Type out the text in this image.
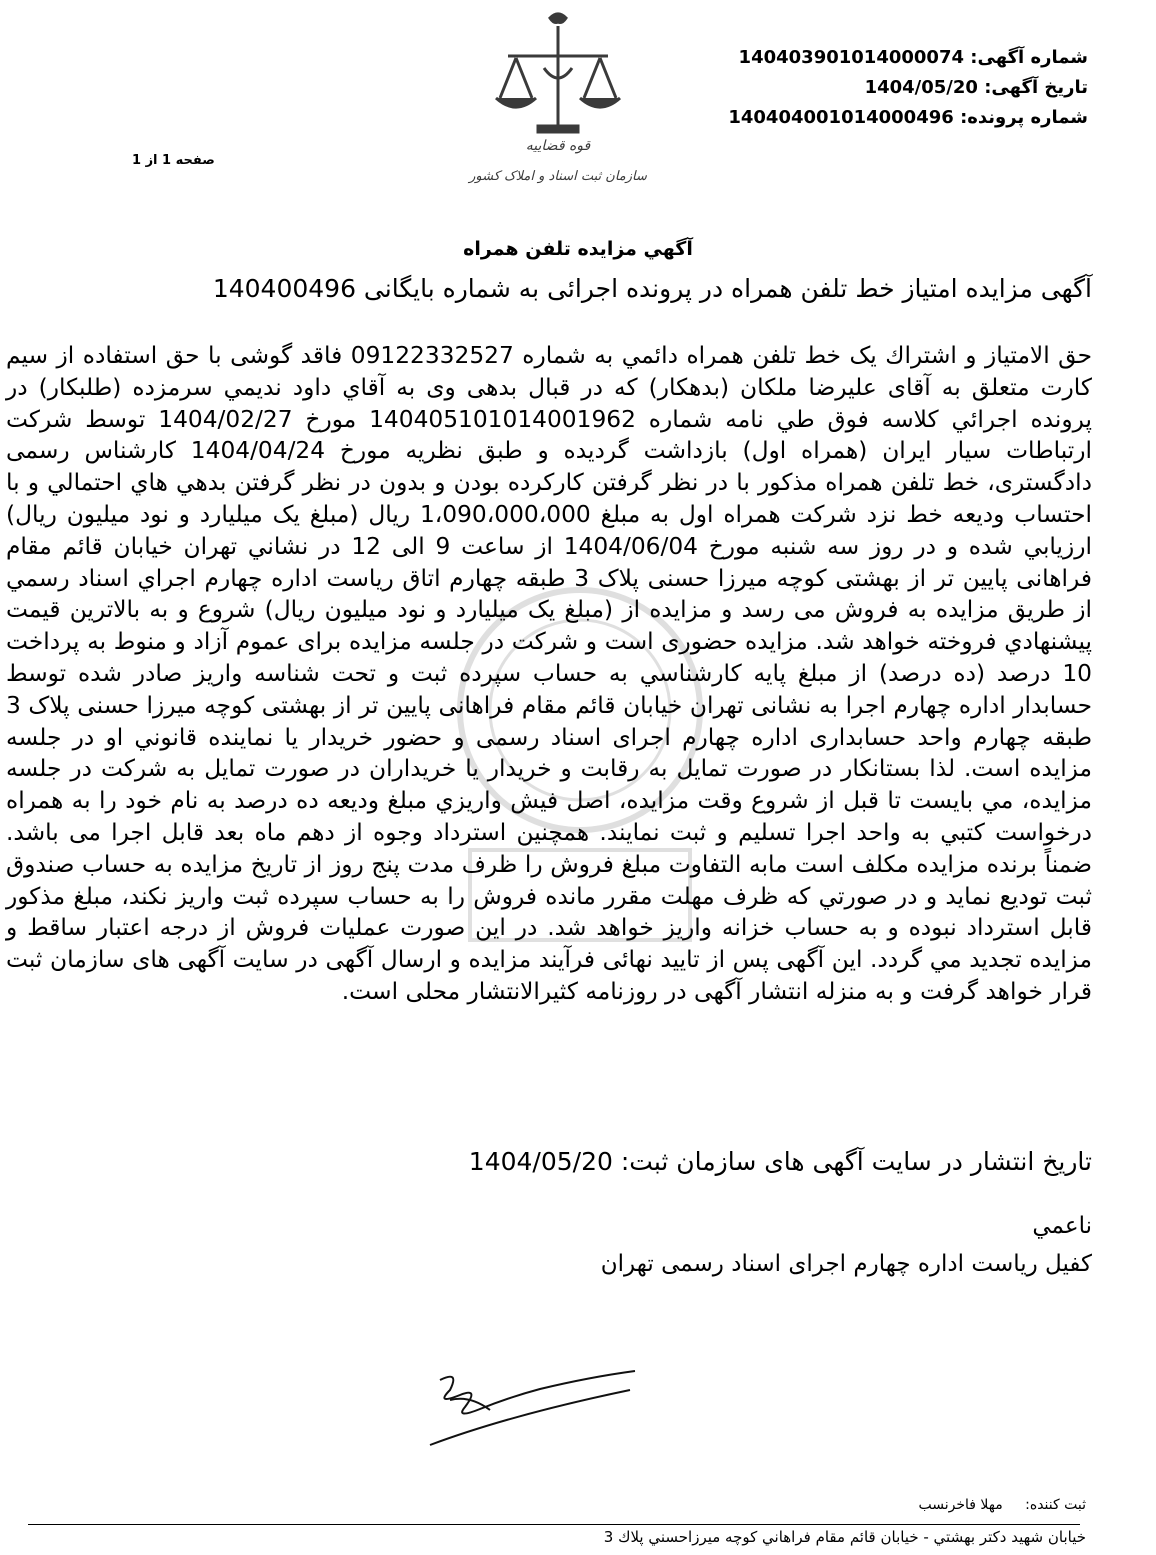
قوه قضاییه
سازمان ثبت اسناد و املاک کشور
شماره آگهی: 140403901014000074
تاریخ آگهی: 1404/05/20
شماره پرونده: 140404001014000496
صفحه 1 از 1
آگهي مزايده تلفن همراه
آگهی مزایده امتیاز خط تلفن همراه در پرونده اجرائی به شماره بایگانی 140400496
حق الامتیاز و اشتراك یک خط تلفن همراه دائمي به شماره 09122332527 فاقد گوشی با حق استفاده از سیم کارت متعلق به آقای علیرضا ملکان (بدهکار) که در قبال بدهی وی به آقاي داود نديمي سرمزده (طلبکار) در پرونده اجرائي كلاسه فوق طي نامه شماره 140405101014001962 مورخ 1404/02/27 توسط شرکت ارتباطات سیار ایران (همراه اول) بازداشت گردیده و طبق نظریه مورخ 1404/04/24 کارشناس رسمی دادگستری، خط تلفن همراه مذکور با در نظر گرفتن کارکرده بودن و بدون در نظر گرفتن بدهي هاي احتمالي و با احتساب ودیعه خط نزد شرکت همراه اول به مبلغ 1،090،000،000 ریال (مبلغ یک میلیارد و نود میلیون ریال) ارزيابي شده و در روز سه شنبه مورخ 1404/06/04 از ساعت 9 الی 12 در نشاني تهران خیابان قائم مقام فراهانی پایین تر از بهشتی کوچه میرزا حسنی پلاک 3 طبقه چهارم اتاق ریاست اداره چهارم اجراي اسناد رسمي از طريق مزايده به فروش می رسد و مزایده از (مبلغ یک میلیارد و نود میلیون ریال) شروع و به بالاترين قيمت پيشنهادي فروخته خواهد شد. مزایده حضوری است و شرکت در جلسه مزایده برای عموم آزاد و منوط به پرداخت 10 درصد (ده درصد) از مبلغ پايه كارشناسي به حساب سپرده ثبت و تحت شناسه واریز صادر شده توسط حسابدار اداره چهارم اجرا به نشانی تهران خیابان قائم مقام فراهانی پایین تر از بهشتی کوچه میرزا حسنی پلاک 3 طبقه چهارم واحد حسابداری اداره چهارم اجرای اسناد رسمی و حضور خريدار يا نماينده قانوني او در جلسه مزايده است. لذا بستانکار در صورت تمایل به رقابت و خریدار یا خريداران در صورت تمايل به شركت در جلسه مزايده، مي بايست تا قبل از شروع وقت مزايده، اصل فيش واريزي مبلغ وديعه ده درصد به نام خود را به همراه درخواست كتبي به واحد اجرا تسليم و ثبت نمايند. همچنین استرداد وجوه از دهم ماه بعد قابل اجرا می باشد. ضمناً برنده مزايده مكلف است مابه التفاوت مبلغ فروش را ظرف مدت پنج روز از تاريخ مزايده به حساب صندوق ثبت توديع نمايد و در صورتي كه ظرف مهلت مقرر مانده فروش را به حساب سپرده ثبت واريز نكند، مبلغ مذكور قابل استرداد نبوده و به حساب خزانه واريز خواهد شد. در اين صورت عمليات فروش از درجه اعتبار ساقط و مزايده تجديد مي گردد. این آگهی پس از تایید نهائی فرآیند مزایده و ارسال آگهی در سایت آگهی های سازمان ثبت قرار خواهد گرفت و به منزله انتشار آگهی در روزنامه کثیرالانتشار محلی است.
تاریخ انتشار در سایت آگهی های سازمان ثبت: 1404/05/20
ناعمي
کفیل ریاست اداره چهارم اجرای اسناد رسمی تهران
ثبت کننده: مهلا فاخرنسب
خيابان شهيد دكتر بهشتي - خيابان قائم مقام فراهاني كوچه ميرزاحسني پلاك 3
